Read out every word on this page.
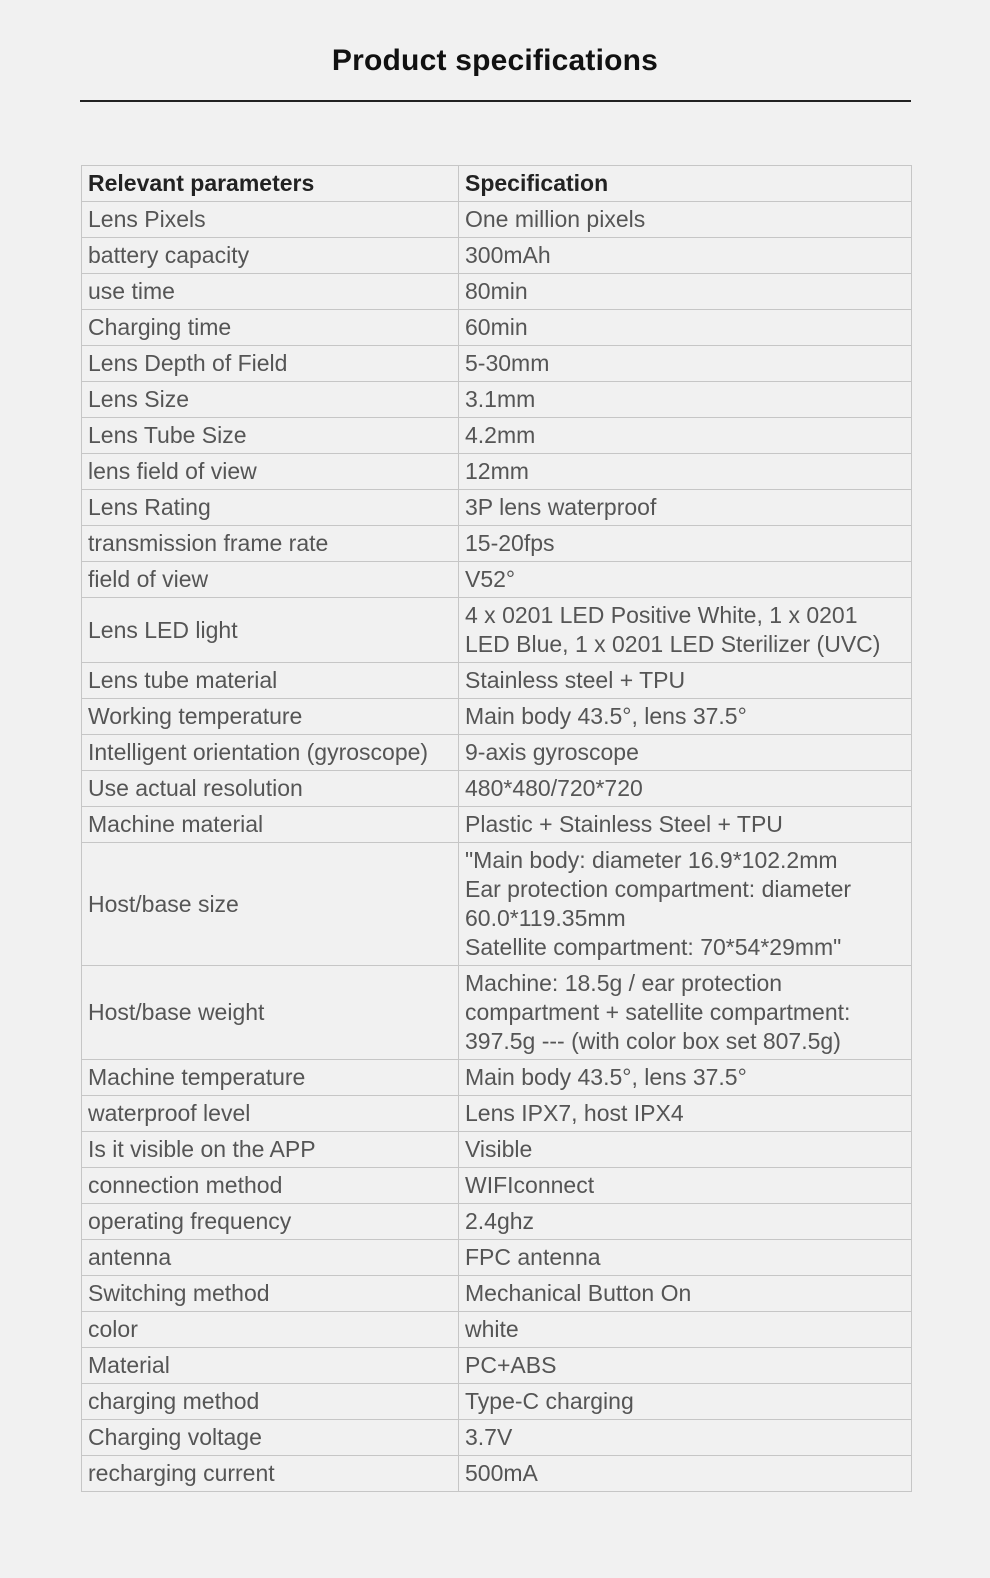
Product specifications
Relevant parameters	Specification
Lens Pixels	One million pixels
battery capacity	300mAh
use time	80min
Charging time	60min
Lens Depth of Field	5-30mm
Lens Size	3.1mm
Lens Tube Size	4.2mm
lens field of view	12mm
Lens Rating	3P lens waterproof
transmission frame rate	15-20fps
field of view	V52°
Lens LED light	4 x 0201 LED Positive White, 1 x 0201
LED Blue, 1 x 0201 LED Sterilizer (UVC)
Lens tube material	Stainless steel + TPU
Working temperature	Main body 43.5°, lens 37.5°
Intelligent orientation (gyroscope)	9-axis gyroscope
Use actual resolution	480*480/720*720
Machine material	Plastic + Stainless Steel + TPU
Host/base size	"Main body: diameter 16.9*102.2mm
Ear protection compartment: diameter
60.0*119.35mm
Satellite compartment: 70*54*29mm"
Host/base weight	Machine: 18.5g / ear protection
compartment + satellite compartment:
397.5g --- (with color box set 807.5g)
Machine temperature	Main body 43.5°, lens 37.5°
waterproof level	Lens IPX7, host IPX4
Is it visible on the APP	Visible
connection method	WIFIconnect
operating frequency	2.4ghz
antenna	FPC antenna
Switching method	Mechanical Button On
color	white
Material	PC+ABS
charging method	Type-C charging
Charging voltage	3.7V
recharging current	500mA
